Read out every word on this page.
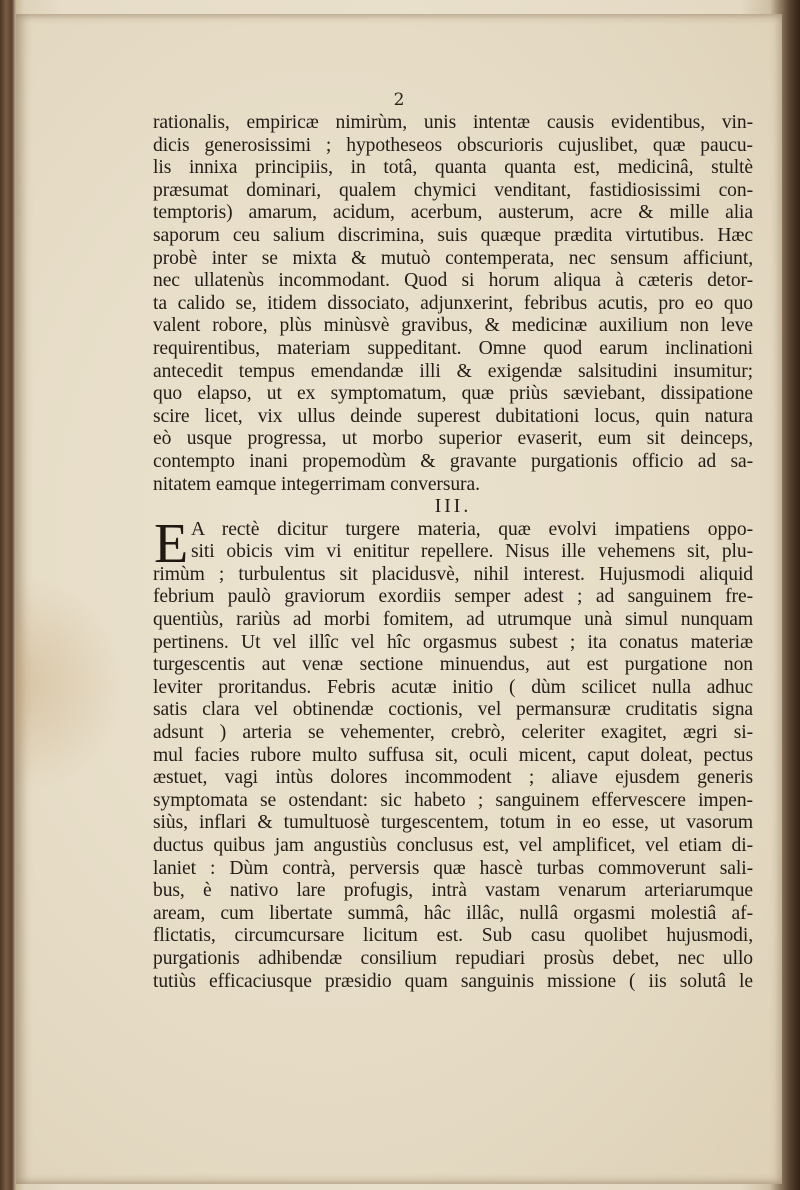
2
rationalis, empiricæ nimirùm, unis intentæ causis evidentibus, vin-
dicis generosissimi ; hypotheseos obscurioris cujuslibet, quæ paucu-
lis innixa principiis, in totâ, quanta quanta est, medicinâ, stultè
præsumat dominari, qualem chymici venditant, fastidiosissimi con-
temptoris) amarum, acidum, acerbum, austerum, acre & mille alia
saporum ceu salium discrimina, suis quæque prædita virtutibus. Hæc
probè inter se mixta & mutuò contemperata, nec sensum afficiunt,
nec ullatenùs incommodant. Quod si horum aliqua à cæteris detor-
ta calido se, itidem dissociato, adjunxerint, febribus acutis, pro eo quo
valent robore, plùs minùsvè gravibus, & medicinæ auxilium non leve
requirentibus, materiam suppeditant. Omne quod earum inclinationi
antecedit tempus emendandæ illi & exigendæ salsitudini insumitur;
quo elapso, ut ex symptomatum, quæ priùs sæviebant, dissipatione
scire licet, vix ullus deinde superest dubitationi locus, quin natura
eò usque progressa, ut morbo superior evaserit, eum sit deinceps,
contempto inani propemodùm & gravante purgationis officio ad sa-
nitatem eamque integerrimam conversura.
III.
E A rectè dicitur turgere materia, quæ evolvi impatiens oppo-
siti obicis vim vi enititur repellere. Nisus ille vehemens sit, plu-
rimùm ; turbulentus sit placidusvè, nihil interest. Hujusmodi aliquid
febrium paulò graviorum exordiis semper adest ; ad sanguinem fre-
quentiùs, rariùs ad morbi fomitem, ad utrumque unà simul nunquam
pertinens. Ut vel illîc vel hîc orgasmus subest ; ita conatus materiæ
turgescentis aut venæ sectione minuendus, aut est purgatione non
leviter proritandus. Febris acutæ initio ( dùm scilicet nulla adhuc
satis clara vel obtinendæ coctionis, vel permansuræ cruditatis signa
adsunt ) arteria se vehementer, crebrò, celeriter exagitet, ægri si-
mul facies rubore multo suffusa sit, oculi micent, caput doleat, pectus
æstuet, vagi intùs dolores incommodent ; aliave ejusdem generis
symptomata se ostendant: sic habeto ; sanguinem effervescere impen-
siùs, inflari & tumultuosè turgescentem, totum in eo esse, ut vasorum
ductus quibus jam angustiùs conclusus est, vel amplificet, vel etiam di-
laniet : Dùm contrà, perversis quæ hascè turbas commoverunt sali-
bus, è nativo lare profugis, intrà vastam venarum arteriarumque
aream, cum libertate summâ, hâc illâc, nullâ orgasmi molestiâ af-
flictatis, circumcursare licitum est. Sub casu quolibet hujusmodi,
purgationis adhibendæ consilium repudiari prosùs debet, nec ullo
tutiùs efficaciusque præsidio quam sanguinis missione ( iis solutâ le
